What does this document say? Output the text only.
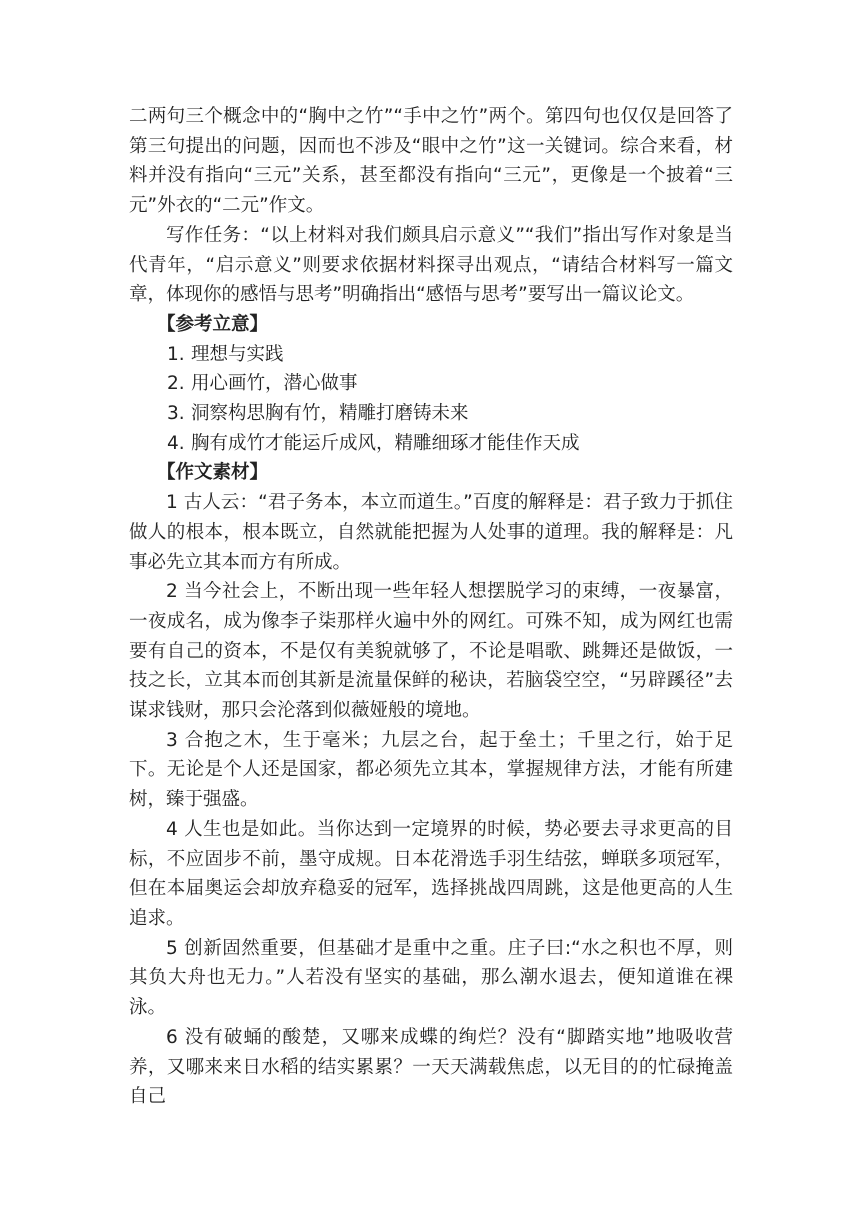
二两句三个概念中的“胸中之竹”“手中之竹”两个。第四句也仅仅是回答了第三句提出的问题，因而也不涉及“眼中之竹”这一关键词。综合来看，材料并没有指向“三元”关系，甚至都没有指向“三元”，更像是一个披着“三元”外衣的“二元”作文。

写作任务：“以上材料对我们颇具启示意义”“我们”指出写作对象是当代青年，“启示意义”则要求依据材料探寻出观点，“请结合材料写一篇文章，体现你的感悟与思考”明确指出“感悟与思考”要写出一篇议论文。

【参考立意】

1. 理想与实践

2. 用心画竹，潜心做事

3. 洞察构思胸有竹，精雕打磨铸未来

4. 胸有成竹才能运斤成风，精雕细琢才能佳作天成

【作文素材】

1 古人云：“君子务本，本立而道生。”百度的解释是：君子致力于抓住做人的根本，根本既立，自然就能把握为人处事的道理。我的解释是：凡事必先立其本而方有所成。

2 当今社会上，不断出现一些年轻人想摆脱学习的束缚，一夜暴富，一夜成名，成为像李子柒那样火遍中外的网红。可殊不知，成为网红也需要有自己的资本，不是仅有美貌就够了，不论是唱歌、跳舞还是做饭，一技之长，立其本而创其新是流量保鲜的秘诀，若脑袋空空，“另辟蹊径”去谋求钱财，那只会沦落到似薇娅般的境地。

3 合抱之木，生于毫米；九层之台，起于垒土；千里之行，始于足下。无论是个人还是国家，都必须先立其本，掌握规律方法，才能有所建树，臻于强盛。

4 人生也是如此。当你达到一定境界的时候，势必要去寻求更高的目标，不应固步不前，墨守成规。日本花滑选手羽生结弦，蝉联多项冠军，但在本届奥运会却放弃稳妥的冠军，选择挑战四周跳，这是他更高的人生追求。

5 创新固然重要，但基础才是重中之重。庄子曰:“水之积也不厚，则其负大舟也无力。”人若没有坚实的基础，那么潮水退去，便知道谁在裸泳。

6 没有破蛹的酸楚，又哪来成蝶的绚烂？没有“脚踏实地”地吸收营养，又哪来来日水稻的结实累累？一天天满载焦虑，以无目的的忙碌掩盖自己
